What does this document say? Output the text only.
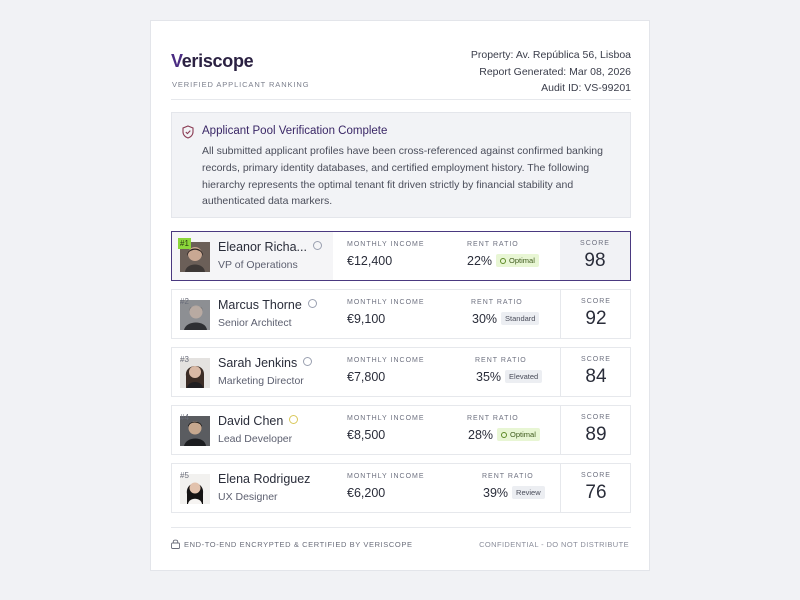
Veriscope
VERIFIED APPLICANT RANKING
Property: Av. República 56, Lisboa
Report Generated: Mar 08, 2026
Audit ID: VS-99201
Applicant Pool Verification Complete
All submitted applicant profiles have been cross-referenced against confirmed banking records, primary identity databases, and certified employment history. The following hierarchy represents the optimal tenant fit driven strictly by financial stability and authenticated data markers.
#1 Eleanor Richa...
VP of Operations
MONTHLY INCOME
€12,400
RENT RATIO
22% Optimal
SCORE
98
#2 Marcus Thorne
Senior Architect
MONTHLY INCOME
€9,100
RENT RATIO
30% Standard
SCORE
92
#3 Sarah Jenkins
Marketing Director
MONTHLY INCOME
€7,800
RENT RATIO
35% Elevated
SCORE
84
#4 David Chen
Lead Developer
MONTHLY INCOME
€8,500
RENT RATIO
28% Optimal
SCORE
89
#5 Elena Rodriguez
UX Designer
MONTHLY INCOME
€6,200
RENT RATIO
39% Review
SCORE
76
END-TO-END ENCRYPTED & CERTIFIED BY VERISCOPE	CONFIDENTIAL - DO NOT DISTRIBUTE
